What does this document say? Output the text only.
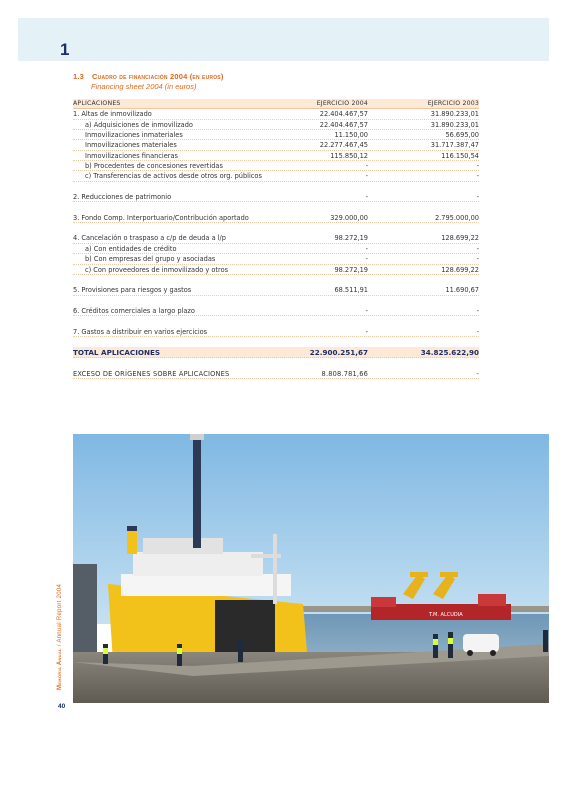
1
1.3 Cuadro de financiación 2004 (en euros)
Financing sheet 2004 (in euros)
APLICACIONES	EJERCICIO 2004	EJERCICIO 2003
1. Altas de inmovilizado	22.404.467,57	31.890.233,01
a) Adquisiciones de inmovilizado	22.404.467,57	31.890.233,01
Inmovilizaciones inmateriales	11.150,00	56.695,00
Inmovilizaciones materiales	22.277.467,45	31.717.387,47
Inmovilizaciones financieras	115.850,12	116.150,54
b) Procedentes de concesiones revertidas	-	-
c) Transferencias de activos desde otros org. públicos	-	-
2. Reducciones de patrimonio	-	-
3. Fondo Comp. Interportuario/Contribución aportado	329.000,00	2.795.000,00
4. Cancelación o traspaso a c/p de deuda a l/p	98.272,19	128.699,22
a) Con entidades de crédito	-	-
b) Con empresas del grupo y asociadas	-	-
c) Con proveedores de inmovilizado y otros	98.272,19	128.699,22
5. Provisiones para riesgos y gastos	68.511,91	11.690,67
6. Créditos comerciales a largo plazo	-	-
7. Gastos a distribuir en varios ejercicios	-	-
TOTAL APLICACIONES	22.900.251,67	34.825.622,90
EXCESO DE ORÍGENES SOBRE APLICACIONES	8.808.781,66	-
T.M. ALCUDIA
Memoria Anual / Annual Report 2004
40
